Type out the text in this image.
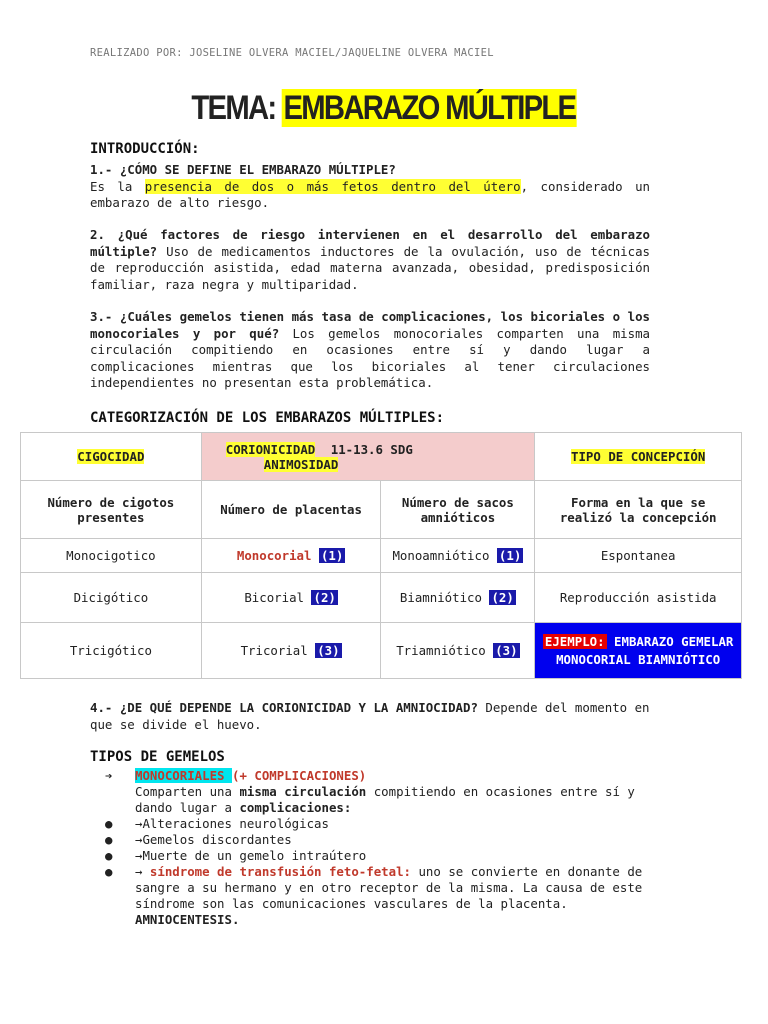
REALIZADO POR: JOSELINE OLVERA MACIEL/JAQUELINE OLVERA MACIEL
TEMA: EMBARAZO MÚLTIPLE
INTRODUCCIÓN:
1.- ¿CÓMO SE DEFINE EL EMBARAZO MÚLTIPLE?
Es la presencia de dos o más fetos dentro del útero, considerado un embarazo de alto riesgo.
2. ¿Qué factores de riesgo intervienen en el desarrollo del embarazo múltiple? Uso de medicamentos inductores de la ovulación, uso de técnicas de reproducción asistida, edad materna avanzada, obesidad, predisposición familiar, raza negra y multiparidad.
3.- ¿Cuáles gemelos tienen más tasa de complicaciones, los bicoriales o los monocoriales y por qué? Los gemelos monocoriales comparten una misma circulación compitiendo en ocasiones entre sí y dando lugar a complicaciones mientras que los bicoriales al tener circulaciones independientes no presentan esta problemática.
CATEGORIZACIÓN DE LOS EMBARAZOS MÚLTIPLES:
CIGOCIDAD	CORIONICIDAD 11-13.6 SDG ANIMOSIDAD		TIPO DE CONCEPCIÓN
Número de cigotos presentes	Número de placentas	Número de sacos amnióticos	Forma en la que se realizó la concepción
Monocigotico	Monocorial (1)	Monoamniótico (1)	Espontanea
Dicigótico	Bicorial (2)	Biamniótico (2)	Reproducción asistida
Tricigótico	Tricorial (3)	Triamniótico (3)	EJEMPLO: EMBARAZO GEMELAR MONOCORIAL BIAMNIÓTICO
4.- ¿DE QUÉ DEPENDE LA CORIONICIDAD Y LA AMNIOCIDAD? Depende del momento en que se divide el huevo.
TIPOS DE GEMELOS
➔ MONOCORIALES (+ COMPLICACIONES)
Comparten una misma circulación compitiendo en ocasiones entre sí y dando lugar a complicaciones:
● →Alteraciones neurológicas
● →Gemelos discordantes
● →Muerte de un gemelo intraútero
● → síndrome de transfusión feto-fetal: uno se convierte en donante de sangre a su hermano y en otro receptor de la misma. La causa de este síndrome son las comunicaciones vasculares de la placenta. AMNIOCENTESIS.
